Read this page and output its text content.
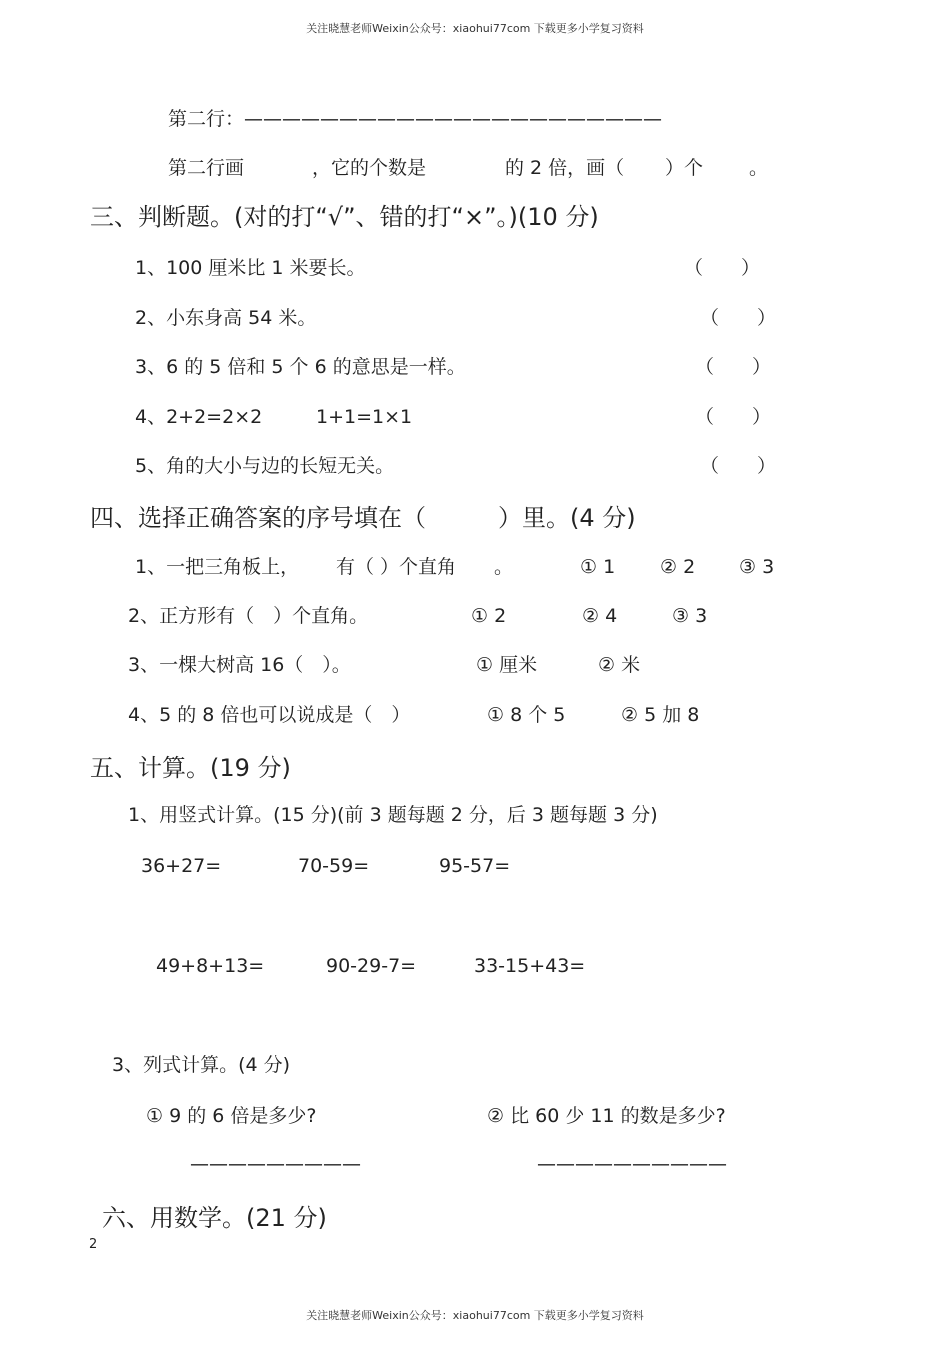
关注晓慧老师Weixin公众号：xiaohui77com 下载更多小学复习资料
关注晓慧老师Weixin公众号：xiaohui77com 下载更多小学复习资料
2
第二行：——————————————————————
第二行画	，它的个数是	的 2 倍，画（ ）个 。
三、判断题。(对的打“√”、错的打“×”。)(10 分)
1、100 厘米比 1 米要长。	（　　）
2、小东身高 54 米。	（　　）
3、6 的 5 倍和 5 个 6 的意思是一样。	（　　）
4、2+2=2×2	1+1=1×1	（　　）
5、角的大小与边的长短无关。	（　　）
四、选择正确答案的序号填在（　　　）里。(4 分)
1、一把三角板上， 有（ ）个直角 。	① 1 ② 2 ③ 3
2、正方形有（　）个直角。	① 2	② 4	③ 3
3、一棵大树高 16（　）。	① 厘米	② 米
4、5 的 8 倍也可以说成是（　）	① 8 个 5	② 5 加 8
五、计算。(19 分)
1、用竖式计算。(15 分)(前 3 题每题 2 分，后 3 题每题 3 分)
36+27=	70-59=	95-57=
49+8+13=	90-29-7=	33-15+43=
3、列式计算。(4 分)
① 9 的 6 倍是多少?	② 比 60 少 11 的数是多少?
—————————	——————————
六、用数学。(21 分)
